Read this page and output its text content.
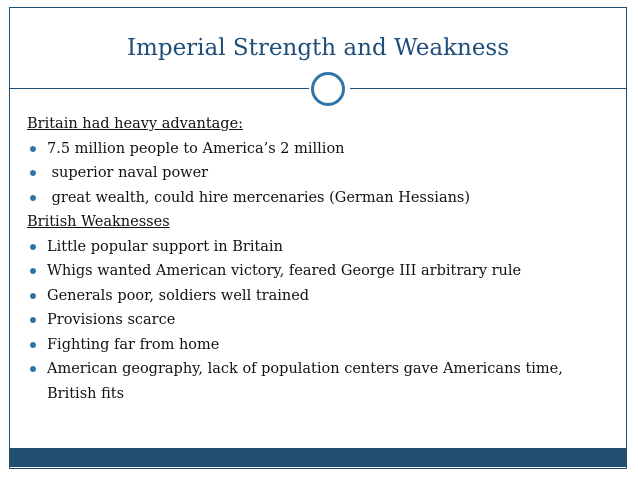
Imperial Strength and Weakness
Britain had heavy advantage:
7.5 million people to America’s 2 million
superior naval power
great wealth, could hire mercenaries (German Hessians)
British Weaknesses
Little popular support in Britain
Whigs wanted American victory, feared George III arbitrary rule
Generals poor, soldiers well trained
Provisions scarce
Fighting far from home
American geography, lack of population centers gave Americans time, British fits
